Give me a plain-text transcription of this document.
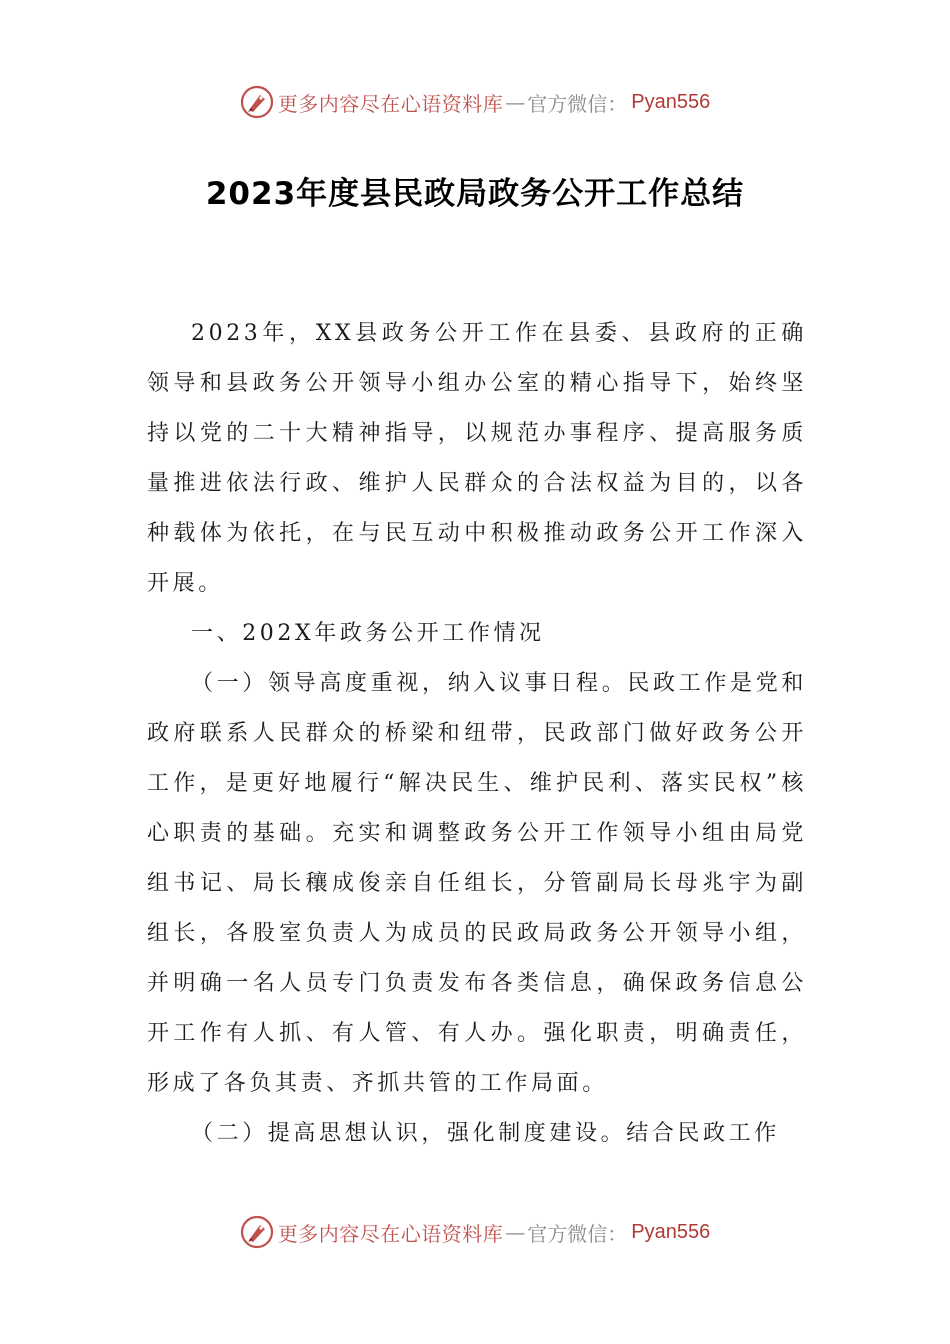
更多内容尽在心语资料库 — 官方微信： Pyan556
2023年度县民政局政务公开工作总结

2023年，XX县政务公开工作在县委、县政府的正确领导和县政务公开领导小组办公室的精心指导下，始终坚持以党的二十大精神指导，以规范办事程序、提高服务质量推进依法行政、维护人民群众的合法权益为目的，以各种载体为依托，在与民互动中积极推动政务公开工作深入开展。

一、202X年政务公开工作情况

（一）领导高度重视，纳入议事日程。民政工作是党和政府联系人民群众的桥梁和纽带，民政部门做好政务公开工作，是更好地履行“解决民生、维护民利、落实民权”核心职责的基础。充实和调整政务公开工作领导小组由局党组书记、局长穰成俊亲自任组长，分管副局长母兆宇为副组长，各股室负责人为成员的民政局政务公开领导小组，并明确一名人员专门负责发布各类信息，确保政务信息公开工作有人抓、有人管、有人办。强化职责，明确责任，形成了各负其责、齐抓共管的工作局面。

（二）提高思想认识，强化制度建设。结合民政工作

更多内容尽在心语资料库 — 官方微信： Pyan556
